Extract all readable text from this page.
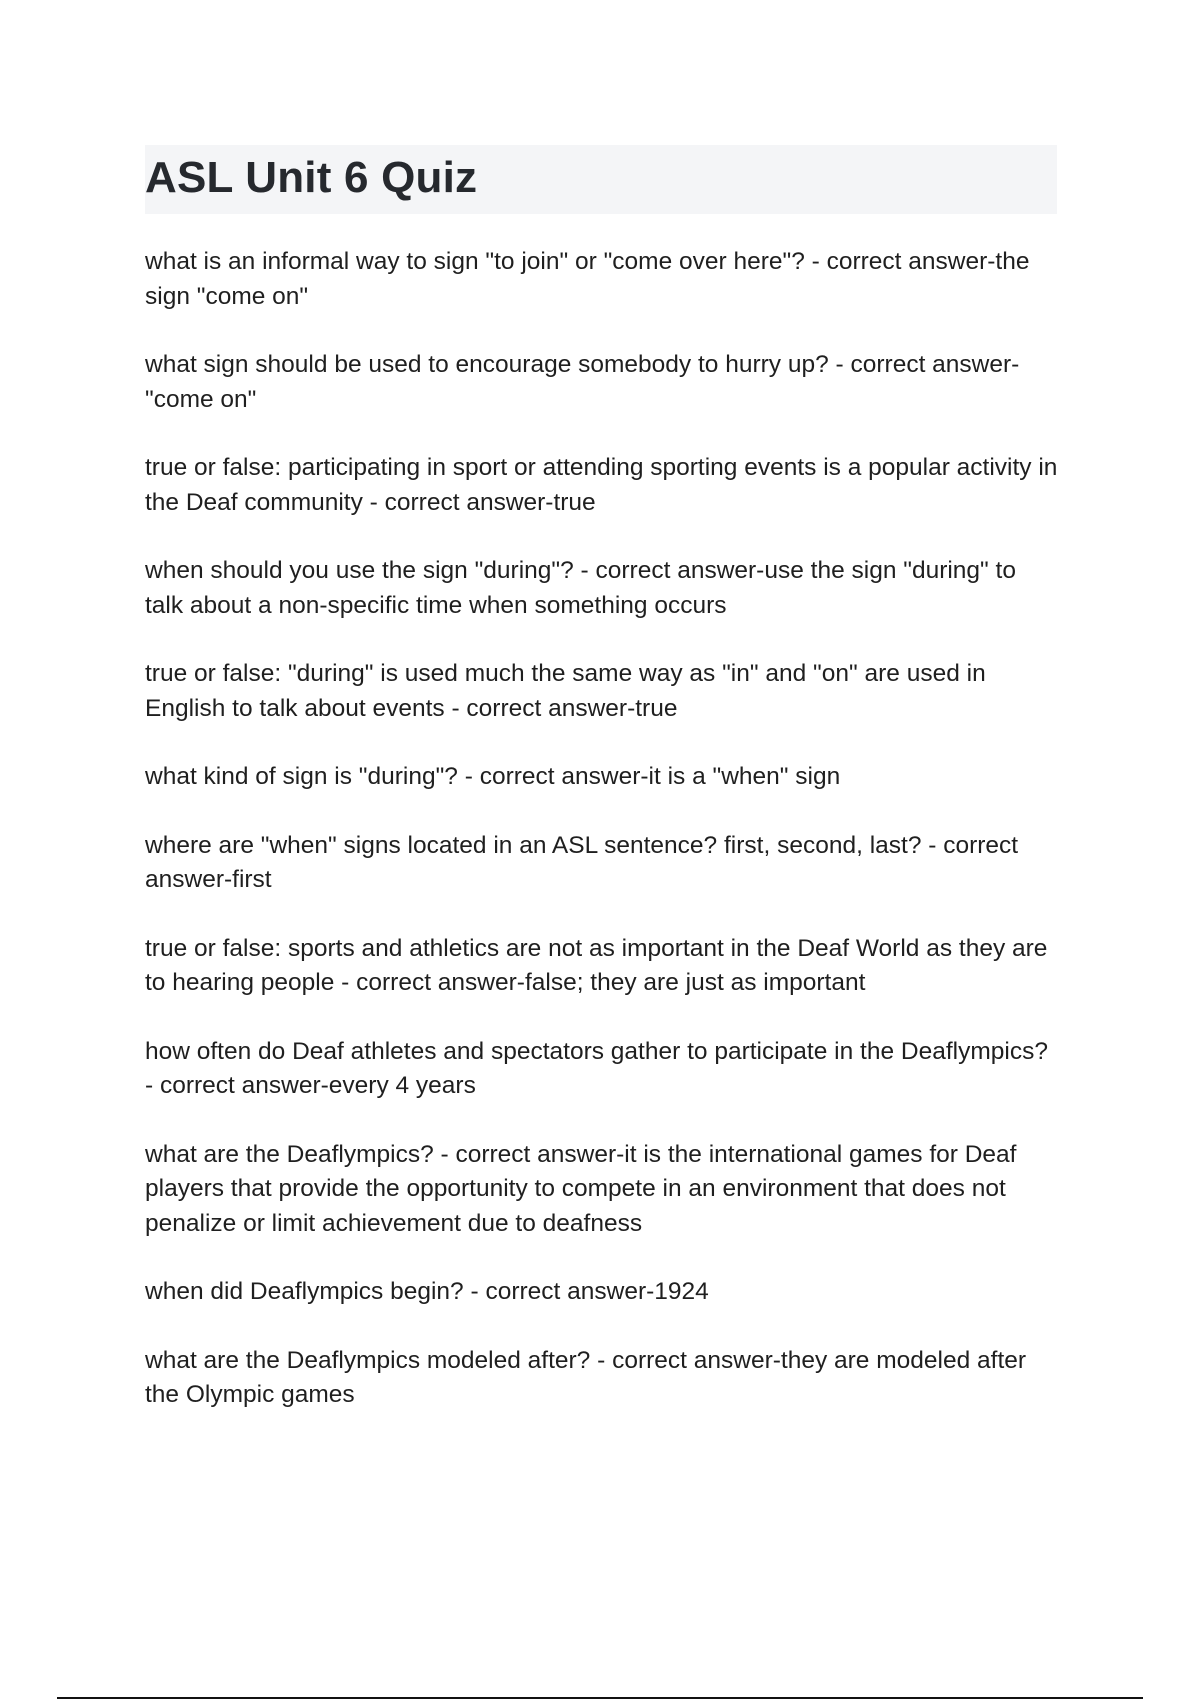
ASL Unit 6 Quiz
what is an informal way to sign "to join" or "come over here"? - correct answer-the sign "come on"
what sign should be used to encourage somebody to hurry up? - correct answer-"come on"
true or false: participating in sport or attending sporting events is a popular activity in the Deaf community - correct answer-true
when should you use the sign "during"? - correct answer-use the sign "during" to talk about a non-specific time when something occurs
true or false: "during" is used much the same way as "in" and "on" are used in English to talk about events - correct answer-true
what kind of sign is "during"? - correct answer-it is a "when" sign
where are "when" signs located in an ASL sentence? first, second, last? - correct answer-first
true or false: sports and athletics are not as important in the Deaf World as they are to hearing people - correct answer-false; they are just as important
how often do Deaf athletes and spectators gather to participate in the Deaflympics? - correct answer-every 4 years
what are the Deaflympics? - correct answer-it is the international games for Deaf players that provide the opportunity to compete in an environment that does not penalize or limit achievement due to deafness
when did Deaflympics begin? - correct answer-1924
what are the Deaflympics modeled after? - correct answer-they are modeled after the Olympic games
